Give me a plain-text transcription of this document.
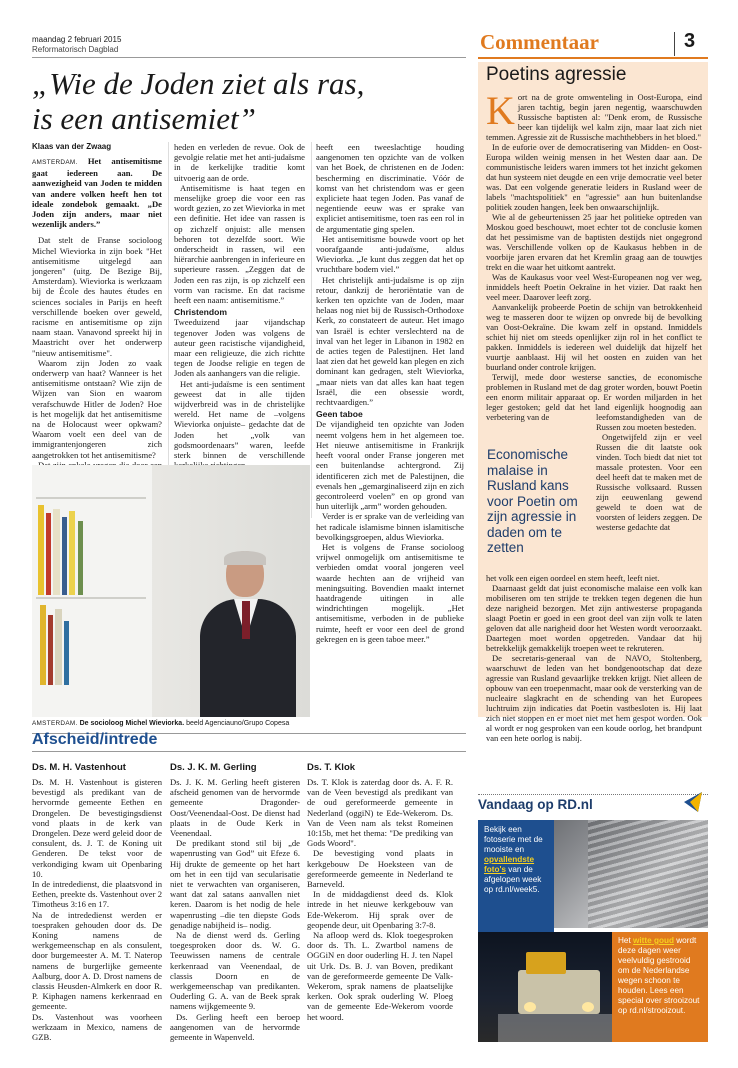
maandag 2 februari 2015
Reformatorisch Dagblad	Commentaar	3
„Wie de Joden ziet als ras,
is een antisemiet”
Klaas van der Zwaag

AMSTERDAM. Het antisemitisme gaat iedereen aan. De aanwezigheid van Joden te midden van andere volken heeft hen tot ideale zondebok gemaakt. „De Joden zijn anders, maar niet wezenlijk anders.”

Dat stelt de Franse socioloog Michel Wieviorka in zijn boek "Het antisemitisme uitgelegd aan jongeren" (uitg. De Bezige Bij, Amsterdam). Wieviorka is werkzaam bij de École des hautes études en sciences sociales in Parijs en heeft verschillende boeken over geweld, racisme en antisemitisme op zijn naam staan. Vanavond spreekt hij in Maastricht over het onderwerp "nieuw antisemitisme".

Waarom zijn Joden zo vaak onderwerp van haat? Wanneer is het antisemitisme ontstaan? Wie zijn de Wijzen van Sion en waarom verafschuwde Hitler de Joden? Hoe is het mogelijk dat het antisemitisme na de Holocaust weer opkwam? Waarom voelt een deel van de immigrantenjongeren zich aangetrokken tot het antisemitisme?

heden en verleden de revue. Ook de gevolgie relatie met het anti-judaïsme in de kerkelijke traditie komt uitvoerig aan de orde.

Antisemitisme is haat tegen en menselijke groep die voor een ras wordt gezien, zo zet Wieviorka in met een definitie. Het idee van rassen is op zichzelf onjuist: alle mensen behoren tot dezelfde soort. Wie onderscheidt in rassen, wil een hiërarchie aanbrengen in inferieure en superieure rassen. „Zeggen dat de Joden een ras zijn, is op zichzelf een vorm van racisme. En dat racisme heeft een naam: antisemitisme.”

Christendom

Tweeduizend jaar vijandschap tegenover Joden was volgens de auteur geen racistische vijandigheid, maar een religieuze, die zich richtte tegen de Joodse religie en tegen de Joden als aanhangers van die religie.

Het anti-judaïsme is een sentiment geweest dat in alle tijden wijdverbreid was in de christelijke wereld. Het name de –volgens Wieviorka onjuiste– gedachte dat de Joden het „volk van godsmoordenaars” waren, leefde sterk binnen de verschillende

heeft een tweeslachtige houding aangenomen ten opzichte van de volken van het Boek, de christenen en de Joden: bescherming en discriminatie. Vóór de komst van het christendom was er geen expliciete haat tegen Joden. Pas vanaf de negentiende eeuw was er sprake van expliciet antisemitisme, toen ras een rol in de argumentatie ging spelen.

Het antisemitisme bouwde voort op het voorafgaande anti-judaïsme, aldus Wieviorka. „Je kunt dus zeggen dat het op vruchtbare bodem viel.”

Het christelijk anti-judaïsme is op zijn retour, dankzij de heroriëntatie van de kerken ten opzichte van de Joden, maar helaas nog niet bij de Russisch-Orthodoxe Kerk, zo constateert de auteur. Het imago van Israël is echter verslechterd na de inval van het leger in Libanon in 1982 en de acties tegen de Palestijnen. Het land laat zien dat het geweld kan plegen en zich dominant kan gedragen, stelt Wieviorka, „maar niets van dat alles kan haat tegen Israël, die een obsessie wordt, rechtvaardigen.”

Geen taboe

De vijandigheid ten opzichte van Joden neemt volgens hem in het algemeen toe. Het nieuwe antisemitisme in Frankrijk heeft vooral onder Franse jongeren met een buitenlandse achtergrond. Zij identificeren zich met de Palestijnen, die evenals hen „gemarginaliseerd zijn en zich gecontroleerd voelen” en op grond van hun uiterlijk „arm” worden gehouden.

Verder is er sprake van de verleiding van het radicale islamisme binnen islamitische bevolkingsgroepen, aldus Wieviorka.

Het is volgens de Franse socioloog vrijwel onmogelijk om antisemitisme te verbieden omdat vooral jongeren veel waarde hechten aan de vrijheid van meningsuiting. Bovendien maakt internet haatdragende uitingen in alle windrichtingen mogelijk. „Het antisemitisme, verboden in de publieke ruimte, heeft er voor een deel de grond gekregen en is geen taboe meer.”

AMSTERDAM. De socioloog Michel Wieviorka. beeld Agenciauno/Grupo Copesa
Afscheid/intrede
Ds. M. H. Vastenhout

Ds. M. H. Vastenhout is gisteren bevestigd als predikant van de hervormde gemeente Eethen en Drongelen. De bevestigingsdienst vond plaats in de kerk van Drongelen. Deze werd geleid door de consulent, ds. J. T. de Koning uit Genderen. De tekst voor de verkondiging kwam uit Openbaring 10.

In de intrededienst, die plaatsvond in Eethen, preekte ds. Vastenhout over 2 Timotheus 3:16 en 17.

Na de intrededienst werden er toespraken gehouden door ds. De Koning namens de werkgemeenschap en als consulent, door burgemeester A. M. T. Naterop namens de burgerlijke gemeente Aalburg, door A. D. Drost namens de classis Heusden-Almkerk en door R. P. Kiphagen namens kerkenraad en gemeente.

Ds. Vastenhout was voorheen werkzaam in Mexico, namens de GZB.

Ds. J. K. M. Gerling

Ds. J. K. M. Gerling heeft gisteren afscheid genomen van de hervormde gemeente Dragonder-Oost/Veenendaal-Oost. De dienst had plaats in de Oude Kerk in Veenendaal.

De predikant stond stil bij „de wapenrusting van God” uit Efeze 6. Hij drukte de gemeente op het hart om het in een tijd van secularisatie niet te verwachten van organiseren, want dat zal satans aanvallen niet keren. Daarom is het nodig de hele wapenrusting –die ten diepste Gods genadige nabijheid is– nodig.

Na de dienst werd ds. Gerling toegesproken door ds. W. G. Teeuwissen namens de centrale kerkenraad van Veenendaal, de classis Doorn en de werkgemeenschap van predikanten. Ouderling G. A. van de Beek sprak namens wijkgemeente 9.

Ds. Gerling heeft een beroep aangenomen van de hervormde gemeente in Wapenveld.

Ds. T. Klok

Ds. T. Klok is zaterdag door ds. A. F. R. van de Veen bevestigd als predikant van de oud gereformeerde gemeente in Nederland (oggiN) te Ede-Wekerom. Ds. Van de Veen nam als tekst Romeinen 10:15b, met het thema: "De prediking van Gods Woord".

De bevestiging vond plaats in kerkgebouw De Hoeksteen van de gereformeerde gemeente in Nederland te Barneveld.

In de middagdienst deed ds. Klok intrede in het nieuwe kerkgebouw van Ede-Wekerom. Hij sprak over de geopende deur, uit Openbaring 3:7-8.

Na afloop werd ds. Klok toegesproken door ds. Th. L. Zwartbol namens de OGGiN en door ouderling H. J. ten Napel uit Urk. Ds. B. J. van Boven, predikant van de gereformeerde gemeente De Valk-Wekerom, sprak namens de plaatselijke kerken. Ook sprak ouderling W. Ploeg van de gemeente Ede-Wekerom voorde het woord.

Poetins agressie

Kort na de grote omwenteling in Oost-Europa, eind jaren tachtig, begin jaren negentig, waarschuwden Russische baptisten al: "Denk erom, de Russische beer kan tijdelijk wel kalm zijn, maar laat zich niet temmen. Agressie zit de Russische machthebbers in het bloed."

In de euforie over de democratisering van Midden- en Oost-Europa wilden weinig mensen in het Westen daar aan. De communistische leiders waren immers tot het inzicht gekomen dat hun systeem niet deugde en een vrije democratie veel beter was. Dat een volgende generatie leiders in Rusland weer de labels "machtspolitiek" en "agressie" aan hun buitenlandse politiek zouden hangen, leek ben onwaarschijnlijk.

Wie al de gebeurtenissen 25 jaar het politieke optreden van Moskou goed beschouwt, moet echter tot de conclusie komen dat het pessimisme van de baptisten destijds niet ongegrond was. Verschillende volken op de Kaukasus hebben in de voorbije jaren ervaren dat het Kremlin graag aan de touwtjes trekt en die waar het uitkomt aantrekt.

Was de Kaukasus voor veel West-Europeanen nog ver weg, inmiddels heeft Poetin Oekraïne in het vizier. Dat raakt hen veel meer. Daarover leeft zorg.

Aanvankelijk probeerde Poetin de schijn van betrokkenheid weg te masseren door te wijzen op onvrede bij de bevolking van Oost-Oekraïne. Die kwam zelf in opstand. Inmiddels schiet hij niet om steeds openlijker zijn rol in het conflict te pakken. Inmiddels is iedereen wel duidelijk dat hijzelf het vuurtje aanblaast. Hij wil het oosten en zuiden van het buurland onder controle krijgen.

Terwijl, mede door westerse sancties, de economische problemen in Rusland met de dag groter worden, bouwt Poetin een enorm militair apparaat op. Er worden miljarden in het leger gestoken; geld dat het land eigenlijk hoognodig aan verbetering van de

Economische malaise in Rusland kans voor Poetin om zijn agressie in daden om te zetten

leefomstandigheden van de Russen zou moeten besteden.

Ongetwijfeld zijn er veel Russen die dit laatste ook vinden. Toch biedt dat niet tot massale protesten. Voor een deel heeft dat te maken met de Russische volksaard. Russen zijn eeuwenlang gewend geweld te doen wat de voorsten of leiders zeggen. De westerse gedachte dat

het volk een eigen oordeel en stem heeft, leeft niet.

Daarnaast geldt dat juist economische malaise een volk kan mobiliseren om ten strijde te trekken tegen degenen die hun deze narigheid bezorgen. Met zijn antiwesterse propaganda slaagt Poetin er goed in een groot deel van zijn volk te laten geloven dat alle narigheid door het Westen wordt veroorzaakt. Daartegen moet worden opgetreden. Vandaar dat hij betrekkelijk gemakkelijk troepen weet te rekruteren.

De secretaris-generaal van de NAVO, Stoltenberg, waarschuwt de leden van het bondgenootschap dat deze agressie van Rusland gevaarlijke trekken krijgt. Niet alleen de opbouw van een troepenmacht, maar ook de versterking van de nucleaire slagkracht en de schending van het Europees luchtruim zijn indicaties dat Poetin vastbesloten is. Hij laat zich niet stoppen en er moet niet met hem gespot worden. Ook al wordt er nog gesproken van een koude oorlog, het brandpunt van een hete oorlog is nabij.

Vandaag op RD.nl
Bekijk een fotoserie met de mooiste en opvallendste foto's van de afgelopen week op rd.nl/week5.
Het witte goud wordt deze dagen weer veelvuldig gestrooid om de Nederlandse wegen schoon te houden. Lees een special over strooizout op rd.nl/strooizout.
